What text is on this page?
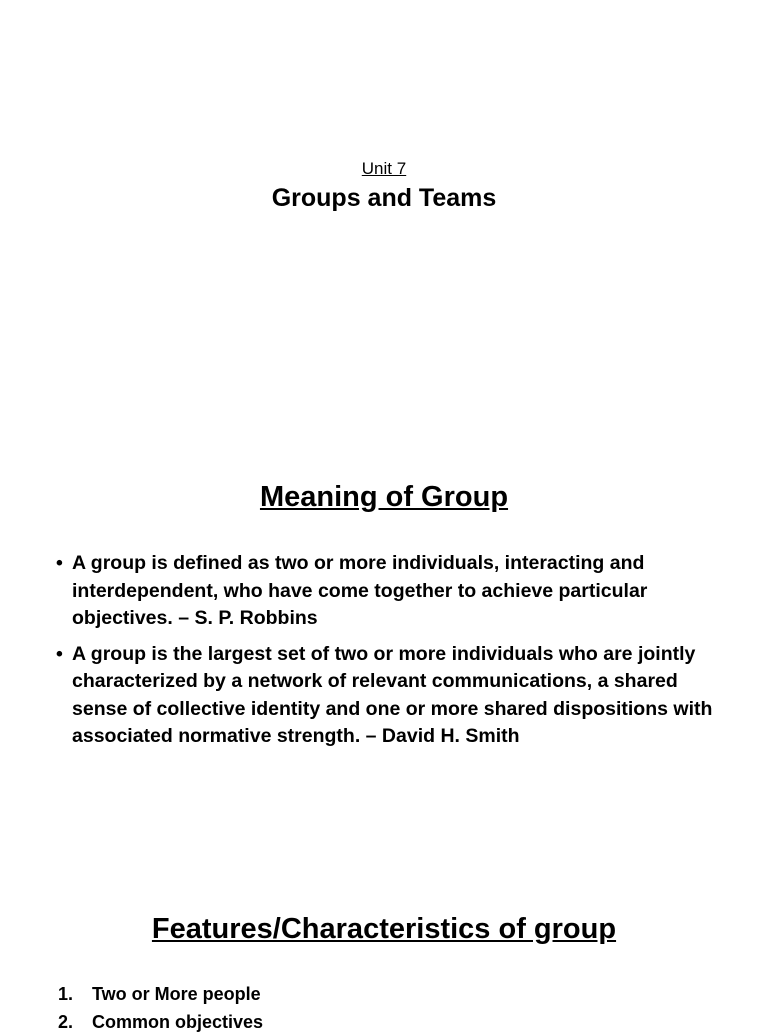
Unit 7
Groups and Teams
Meaning of Group
• A group is defined as two or more individuals, interacting and interdependent, who have come together to achieve particular objectives. – S. P. Robbins
• A group is the largest set of two or more individuals who are jointly characterized by a network of relevant communications, a shared sense of collective identity and one or more shared dispositions with associated normative strength. – David H. Smith
Features/Characteristics of group
1. Two or More people
2. Common objectives
